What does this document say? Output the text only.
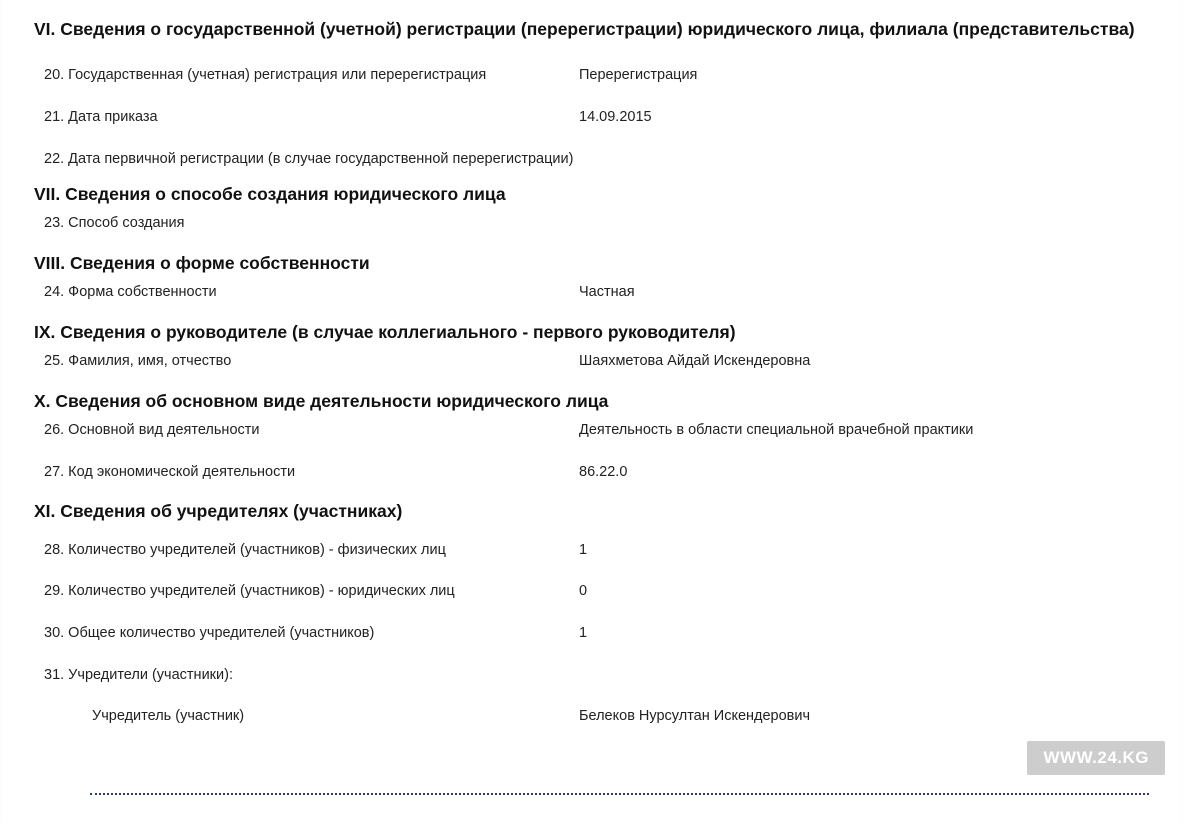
VI. Сведения о государственной (учетной) регистрации (перерегистрации) юридического лица, филиала (представительства)
20. Государственная (учетная) регистрация или перерегистрация	Перерегистрация
21. Дата приказа	14.09.2015
22. Дата первичной регистрации (в случае государственной перерегистрации)
VII. Сведения о способе создания юридического лица
23. Способ создания
VIII. Сведения о форме собственности
24. Форма собственности	Частная
IX. Сведения о руководителе (в случае коллегиального - первого руководителя)
25. Фамилия, имя, отчество	Шаяхметова Айдай Искендеровна
X. Сведения об основном виде деятельности юридического лица
26. Основной вид деятельности	Деятельность в области специальной врачебной практики
27. Код экономической деятельности	86.22.0
XI. Сведения об учредителях (участниках)
28. Количество учредителей (участников) - физических лиц	1
29. Количество учредителей (участников) - юридических лиц	0
30. Общее количество учредителей (участников)	1
31. Учредители (участники):
Учредитель (участник)	Белеков Нурсултан Искендерович
WWW.24.KG
